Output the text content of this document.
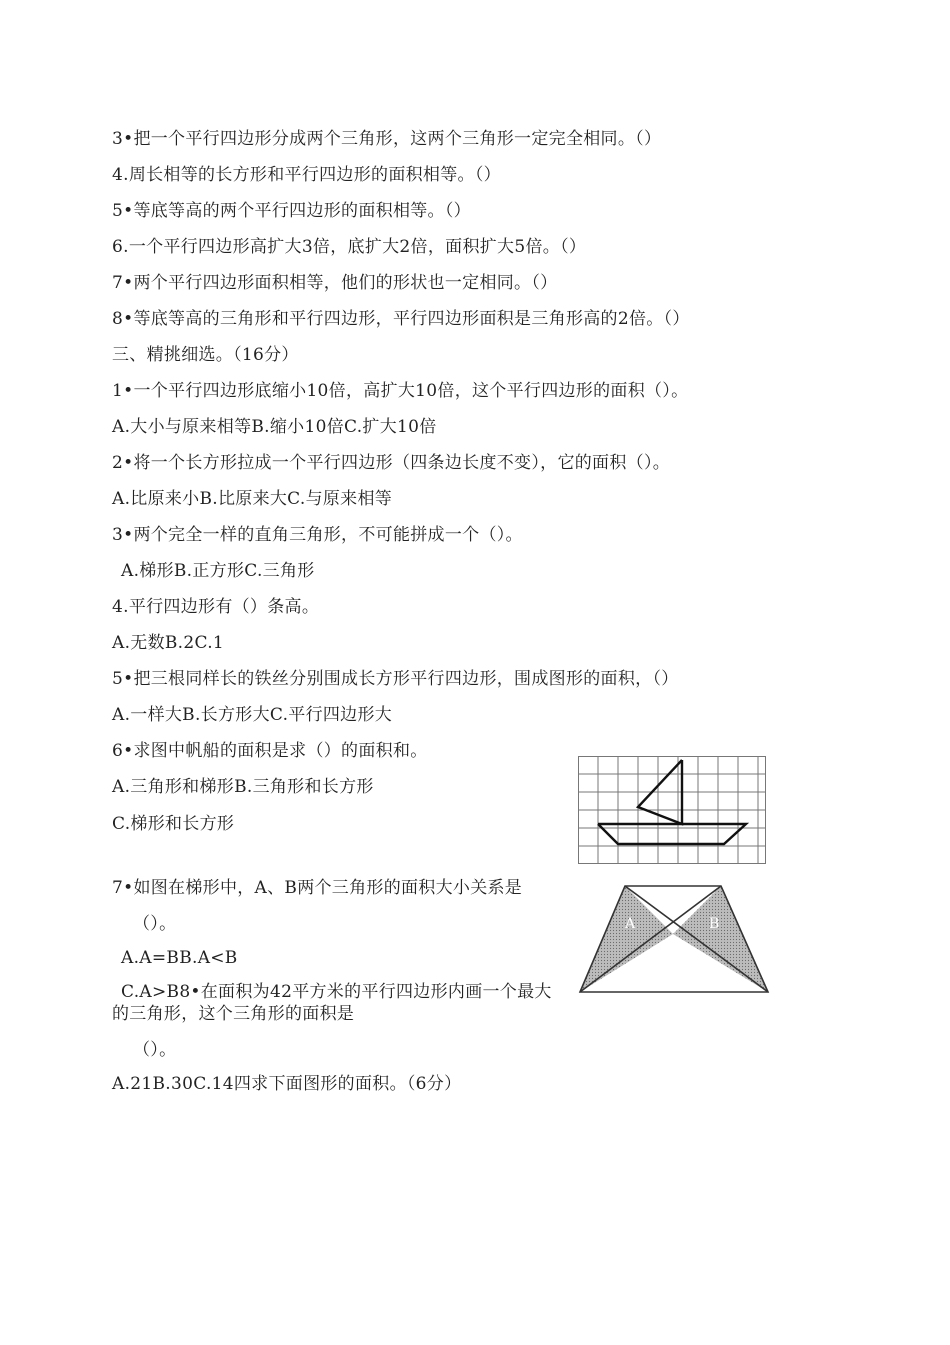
3•把一个平行四边形分成两个三角形，这两个三角形一定完全相同。（）
4.周长相等的长方形和平行四边形的面积相等。（）
5•等底等高的两个平行四边形的面积相等。（）
6.一个平行四边形高扩大3倍，底扩大2倍，面积扩大5倍。（）
7•两个平行四边形面积相等，他们的形状也一定相同。（）
8•等底等高的三角形和平行四边形，平行四边形面积是三角形高的2倍。（）
三、精挑细选。（16分）
1•一个平行四边形底缩小10倍，高扩大10倍，这个平行四边形的面积（）。
A.大小与原来相等B.缩小10倍C.扩大10倍
2•将一个长方形拉成一个平行四边形（四条边长度不变），它的面积（）。
A.比原来小B.比原来大C.与原来相等
3•两个完全一样的直角三角形，不可能拼成一个（）。
A.梯形B.正方形C.三角形
4.平行四边形有（）条高。
A.无数B.2C.1
5•把三根同样长的铁丝分别围成长方形平行四边形，围成图形的面积，（）
A.一样大B.长方形大C.平行四边形大
6•求图中帆船的面积是求（）的面积和。
A.三角形和梯形B.三角形和长方形
C.梯形和长方形
7•如图在梯形中，A、B两个三角形的面积大小关系是
（）。
A.A=BB.A<B
C.A>B8•在面积为42平方米的平行四边形内画一个最大的三角形，这个三角形的面积是
（）。
A.21B.30C.14四求下面图形的面积。（6分）
A	B
